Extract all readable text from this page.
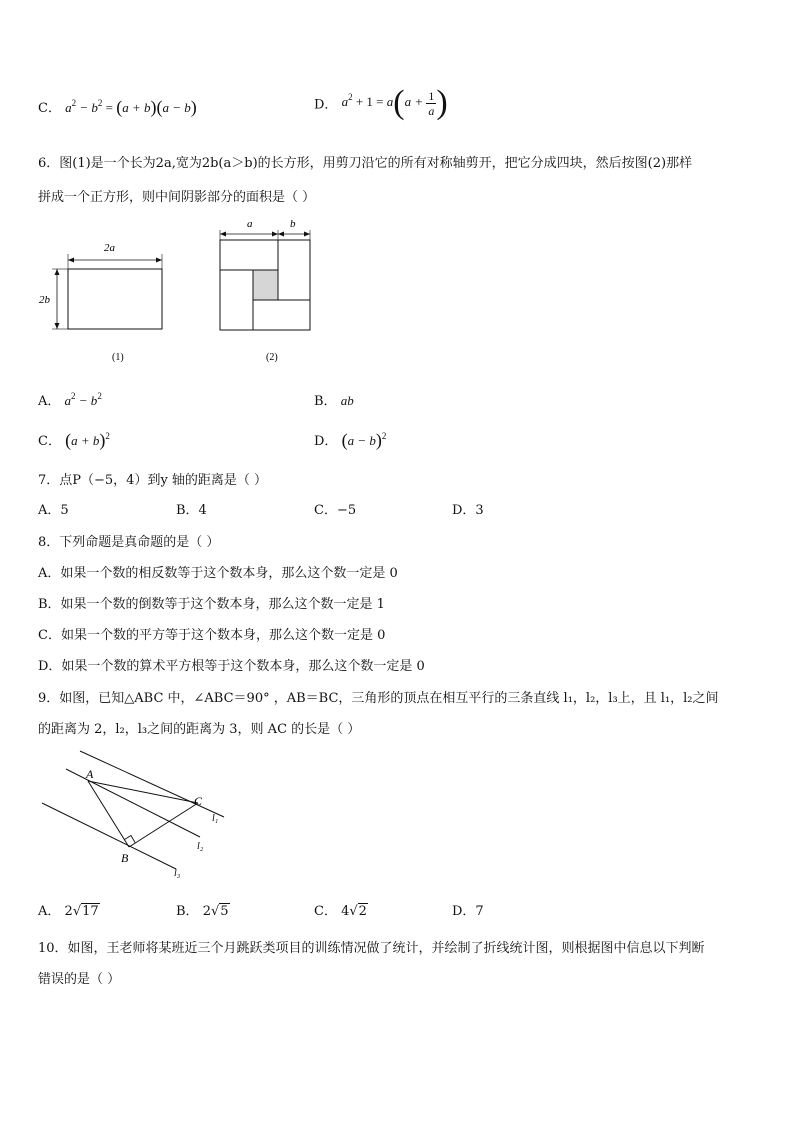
C． $a^2 - b^2 = (a + b)(a - b)$	D． $a^2 + 1 = a(a + \frac{1}{a}$ )
6．图(1)是一个长为2a,宽为2b(a＞b)的长方形，用剪刀沿它的所有对称轴剪开，把它分成四块，然后按图(2)那样
拼成一个正方形，则中间阴影部分的面积是（ ）
2a
2b
(1)
a	b
(2)
A． $a^2 - b^2$	B． ab
C． $(a + b)^2$	D． $(a - b)^2$
7．点P（−5，4）到y 轴的距离是（ ）
A．5	B．4	C．−5	D．3
8．下列命题是真命题的是（ ）
A．如果一个数的相反数等于这个数本身，那么这个数一定是 0
B．如果一个数的倒数等于这个数本身，那么这个数一定是 1
C．如果一个数的平方等于这个数本身，那么这个数一定是 0
D．如果一个数的算术平方根等于这个数本身，那么这个数一定是 0
9．如图，已知△ABC 中，∠ABC＝90° ，AB＝BC，三角形的顶点在相互平行的三条直线 l₁，l₂，l₃上，且 l₁，l₂之间
的距离为 2，l₂，l₃之间的距离为 3，则 AC 的长是（ ）
A
B
C
l₁
l₂
l₃
A． 2√17	B． 2√5	C． 4√2	D．7
10．如图，王老师将某班近三个月跳跃类项目的训练情况做了统计，并绘制了折线统计图，则根据图中信息以下判断
错误的是（ ）
